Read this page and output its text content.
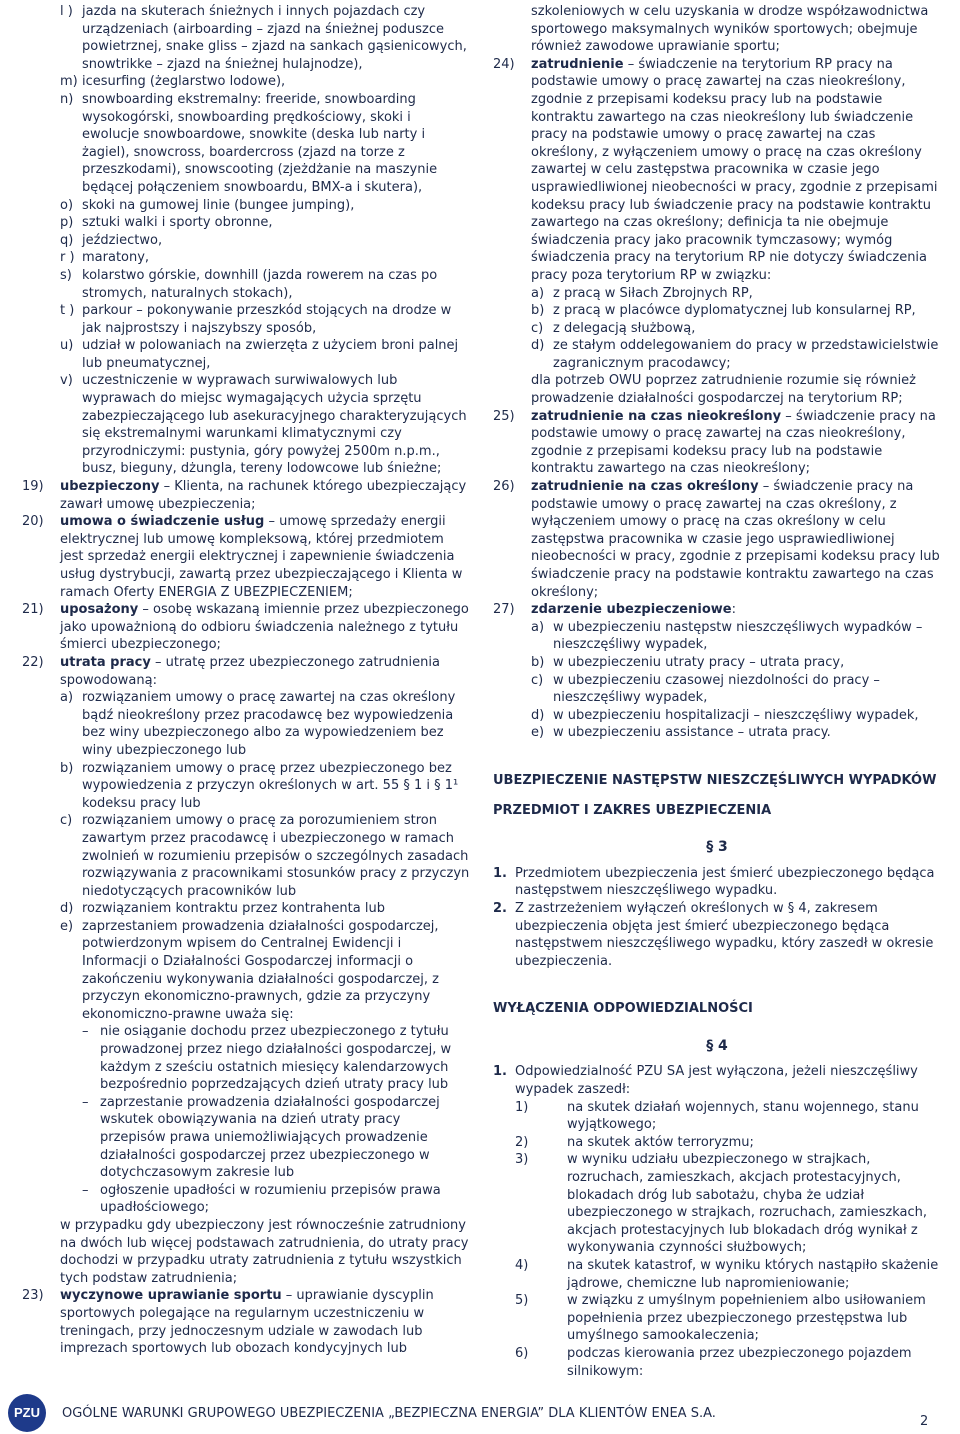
l ) jazda na skuterach śnieżnych i innych pojazdach czy urządzeniach (airboarding – zjazd na śnieżnej poduszce powietrznej, snake gliss – zjazd na sankach gąsienicowych, snowtrikke – zjazd na śnieżnej hulajnodze),
m) icesurfing (żeglarstwo lodowe),
n) snowboarding ekstremalny: freeride, snowboarding wysokogórski, snowboarding prędkościowy, skoki i ewolucje snowboardowe, snowkite (deska lub narty i żagiel), snowcross, boardercross (zjazd na torze z przeszkodami), snowscooting (zjeżdżanie na maszynie będącej połączeniem snowboardu, BMX-a i skutera),
o) skoki na gumowej linie (bungee jumping),
p) sztuki walki i sporty obronne,
q) jeździectwo,
r ) maratony,
s) kolarstwo górskie, downhill (jazda rowerem na czas po stromych, naturalnych stokach),
t ) parkour – pokonywanie przeszkód stojących na drodze w jak najprostszy i najszybszy sposób,
u) udział w polowaniach na zwierzęta z użyciem broni palnej lub pneumatycznej,
v) uczestniczenie w wyprawach surwiwalowych lub wyprawach do miejsc wymagających użycia sprzętu zabezpieczającego lub asekuracyjnego charakteryzujących się ekstremalnymi warunkami klimatycznymi czy przyrodniczymi: pustynia, góry powyżej 2500m n.p.m., busz, bieguny, dżungla, tereny lodowcowe lub śnieżne;
19) ubezpieczony – Klienta, na rachunek którego ubezpieczający zawarł umowę ubezpieczenia;
20) umowa o świadczenie usług – umowę sprzedaży energii elektrycznej lub umowę kompleksową, której przedmiotem jest sprzedaż energii elektrycznej i zapewnienie świadczenia usług dystrybucji, zawartą przez ubezpieczającego i Klienta w ramach Oferty ENERGIA Z UBEZPIECZENIEM;
21) uposażony – osobę wskazaną imiennie przez ubezpieczonego jako upoważnioną do odbioru świadczenia należnego z tytułu śmierci ubezpieczonego;
22) utrata pracy – utratę przez ubezpieczonego zatrudnienia spowodowaną:
a) rozwiązaniem umowy o pracę zawartej na czas określony bądź nieokreślony przez pracodawcę bez wypowiedzenia bez winy ubezpieczonego albo za wypowiedzeniem bez winy ubezpieczonego lub
b) rozwiązaniem umowy o pracę przez ubezpieczonego bez wypowiedzenia z przyczyn określonych w art. 55 § 1 i § 1¹ kodeksu pracy lub
c) rozwiązaniem umowy o pracę za porozumieniem stron zawartym przez pracodawcę i ubezpieczonego w ramach zwolnień w rozumieniu przepisów o szczególnych zasadach rozwiązywania z pracownikami stosunków pracy z przyczyn niedotyczących pracowników lub
d) rozwiązaniem kontraktu przez kontrahenta lub
e) zaprzestaniem prowadzenia działalności gospodarczej, potwierdzonym wpisem do Centralnej Ewidencji i Informacji o Działalności Gospodarczej informacji o zakończeniu wykonywania działalności gospodarczej, z przyczyn ekonomiczno-prawnych, gdzie za przyczyny ekonomiczno-prawne uważa się:
– nie osiąganie dochodu przez ubezpieczonego z tytułu prowadzonej przez niego działalności gospodarczej, w każdym z sześciu ostatnich miesięcy kalendarzowych bezpośrednio poprzedzających dzień utraty pracy lub
– zaprzestanie prowadzenia działalności gospodarczej wskutek obowiązywania na dzień utraty pracy przepisów prawa uniemożliwiających prowadzenie działalności gospodarczej przez ubezpieczonego w dotychczasowym zakresie lub
– ogłoszenie upadłości w rozumieniu przepisów prawa upadłościowego;
w przypadku gdy ubezpieczony jest równocześnie zatrudniony na dwóch lub więcej podstawach zatrudnienia, do utraty pracy dochodzi w przypadku utraty zatrudnienia z tytułu wszystkich tych podstaw zatrudnienia;
23) wyczynowe uprawianie sportu – uprawianie dyscyplin sportowych polegające na regularnym uczestniczeniu w treningach, przy jednoczesnym udziale w zawodach lub imprezach sportowych lub obozach kondycyjnych lub
szkoleniowych w celu uzyskania w drodze współzawodnictwa sportowego maksymalnych wyników sportowych; obejmuje również zawodowe uprawianie sportu;
24) zatrudnienie – świadczenie na terytorium RP pracy na podstawie umowy o pracę zawartej na czas nieokreślony, zgodnie z przepisami kodeksu pracy lub na podstawie kontraktu zawartego na czas nieokreślony lub świadczenie pracy na podstawie umowy o pracę zawartej na czas określony, z wyłączeniem umowy o pracę na czas określony zawartej w celu zastępstwa pracownika w czasie jego usprawiedliwionej nieobecności w pracy, zgodnie z przepisami kodeksu pracy lub świadczenie pracy na podstawie kontraktu zawartego na czas określony; definicja ta nie obejmuje świadczenia pracy jako pracownik tymczasowy; wymóg świadczenia pracy na terytorium RP nie dotyczy świadczenia pracy poza terytorium RP w związku:
a) z pracą w Siłach Zbrojnych RP,
b) z pracą w placówce dyplomatycznej lub konsularnej RP,
c) z delegacją służbową,
d) ze stałym oddelegowaniem do pracy w przedstawicielstwie zagranicznym pracodawcy;
dla potrzeb OWU poprzez zatrudnienie rozumie się również prowadzenie działalności gospodarczej na terytorium RP;
25) zatrudnienie na czas nieokreślony – świadczenie pracy na podstawie umowy o pracę zawartej na czas nieokreślony, zgodnie z przepisami kodeksu pracy lub na podstawie kontraktu zawartego na czas nieokreślony;
26) zatrudnienie na czas określony – świadczenie pracy na podstawie umowy o pracę zawartej na czas określony, z wyłączeniem umowy o pracę na czas określony w celu zastępstwa pracownika w czasie jego usprawiedliwionej nieobecności w pracy, zgodnie z przepisami kodeksu pracy lub świadczenie pracy na podstawie kontraktu zawartego na czas określony;
27) zdarzenie ubezpieczeniowe:
a) w ubezpieczeniu następstw nieszczęśliwych wypadków – nieszczęśliwy wypadek,
b) w ubezpieczeniu utraty pracy – utrata pracy,
c) w ubezpieczeniu czasowej niezdolności do pracy – nieszczęśliwy wypadek,
d) w ubezpieczeniu hospitalizacji – nieszczęśliwy wypadek,
e) w ubezpieczeniu assistance – utrata pracy.
UBEZPIECZENIE NASTĘPSTW NIESZCZĘŚLIWYCH WYPADKÓW
PRZEDMIOT I ZAKRES UBEZPIECZENIA
§ 3
1. Przedmiotem ubezpieczenia jest śmierć ubezpieczonego będąca następstwem nieszczęśliwego wypadku.
2. Z zastrzeżeniem wyłączeń określonych w § 4, zakresem ubezpieczenia objęta jest śmierć ubezpieczonego będąca następstwem nieszczęśliwego wypadku, który zaszedł w okresie ubezpieczenia.
WYŁĄCZENIA ODPOWIEDZIALNOŚCI
§ 4
1. Odpowiedzialność PZU SA jest wyłączona, jeżeli nieszczęśliwy wypadek zaszedł:
1)	na skutek działań wojennych, stanu wojennego, stanu wyjątkowego;
2)	na skutek aktów terroryzmu;
3)	w wyniku udziału ubezpieczonego w strajkach, rozruchach, zamieszkach, akcjach protestacyjnych, blokadach dróg lub sabotażu, chyba że udział ubezpieczonego w strajkach, rozruchach, zamieszkach, akcjach protestacyjnych lub blokadach dróg wynikał z wykonywania czynności służbowych;
4)	na skutek katastrof, w wyniku których nastąpiło skażenie jądrowe, chemiczne lub napromieniowanie;
5)	w związku z umyślnym popełnieniem albo usiłowaniem popełnienia przez ubezpieczonego przestępstwa lub umyślnego samookaleczenia;
6)	podczas kierowania przez ubezpieczonego pojazdem silnikowym:
PZU	OGÓLNE WARUNKI GRUPOWEGO UBEZPIECZENIA „BEZPIECZNA ENERGIA” DLA KLIENTÓW ENEA S.A.
2
